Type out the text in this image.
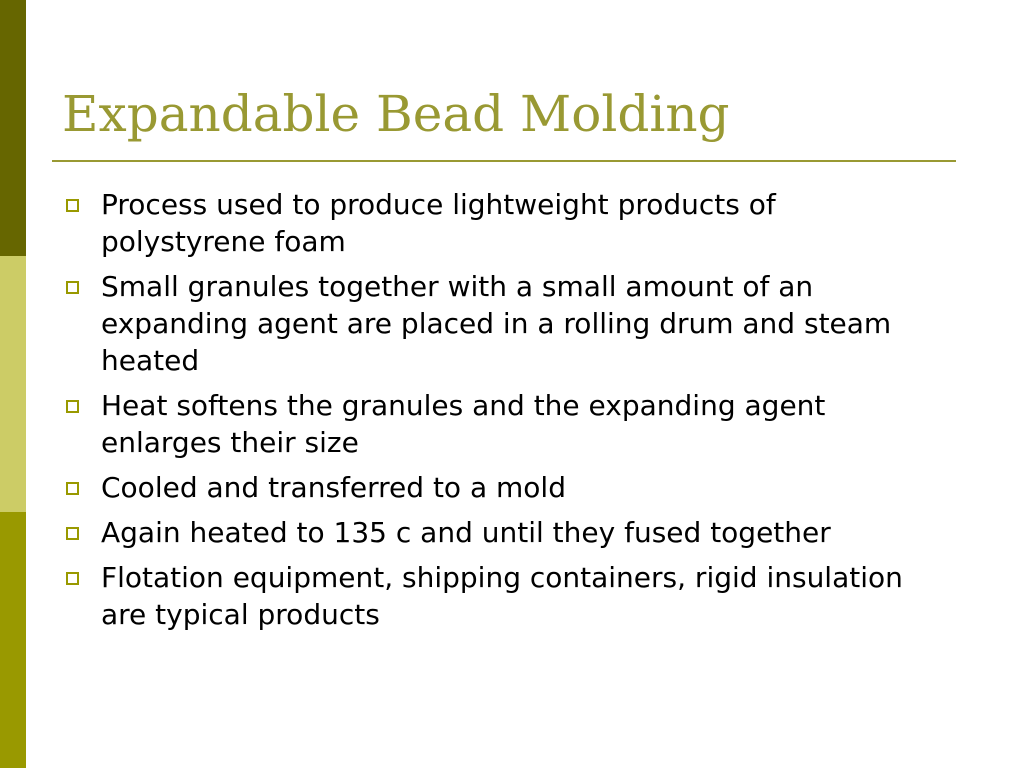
Expandable Bead Molding
Process used to produce lightweight products of polystyrene foam
Small granules together with a small amount of an expanding agent are placed in a rolling drum and steam heated
Heat softens the granules and the expanding agent enlarges their size
Cooled and transferred to a mold
Again heated to 135 c and until they fused together
Flotation equipment, shipping containers, rigid insulation are typical products
